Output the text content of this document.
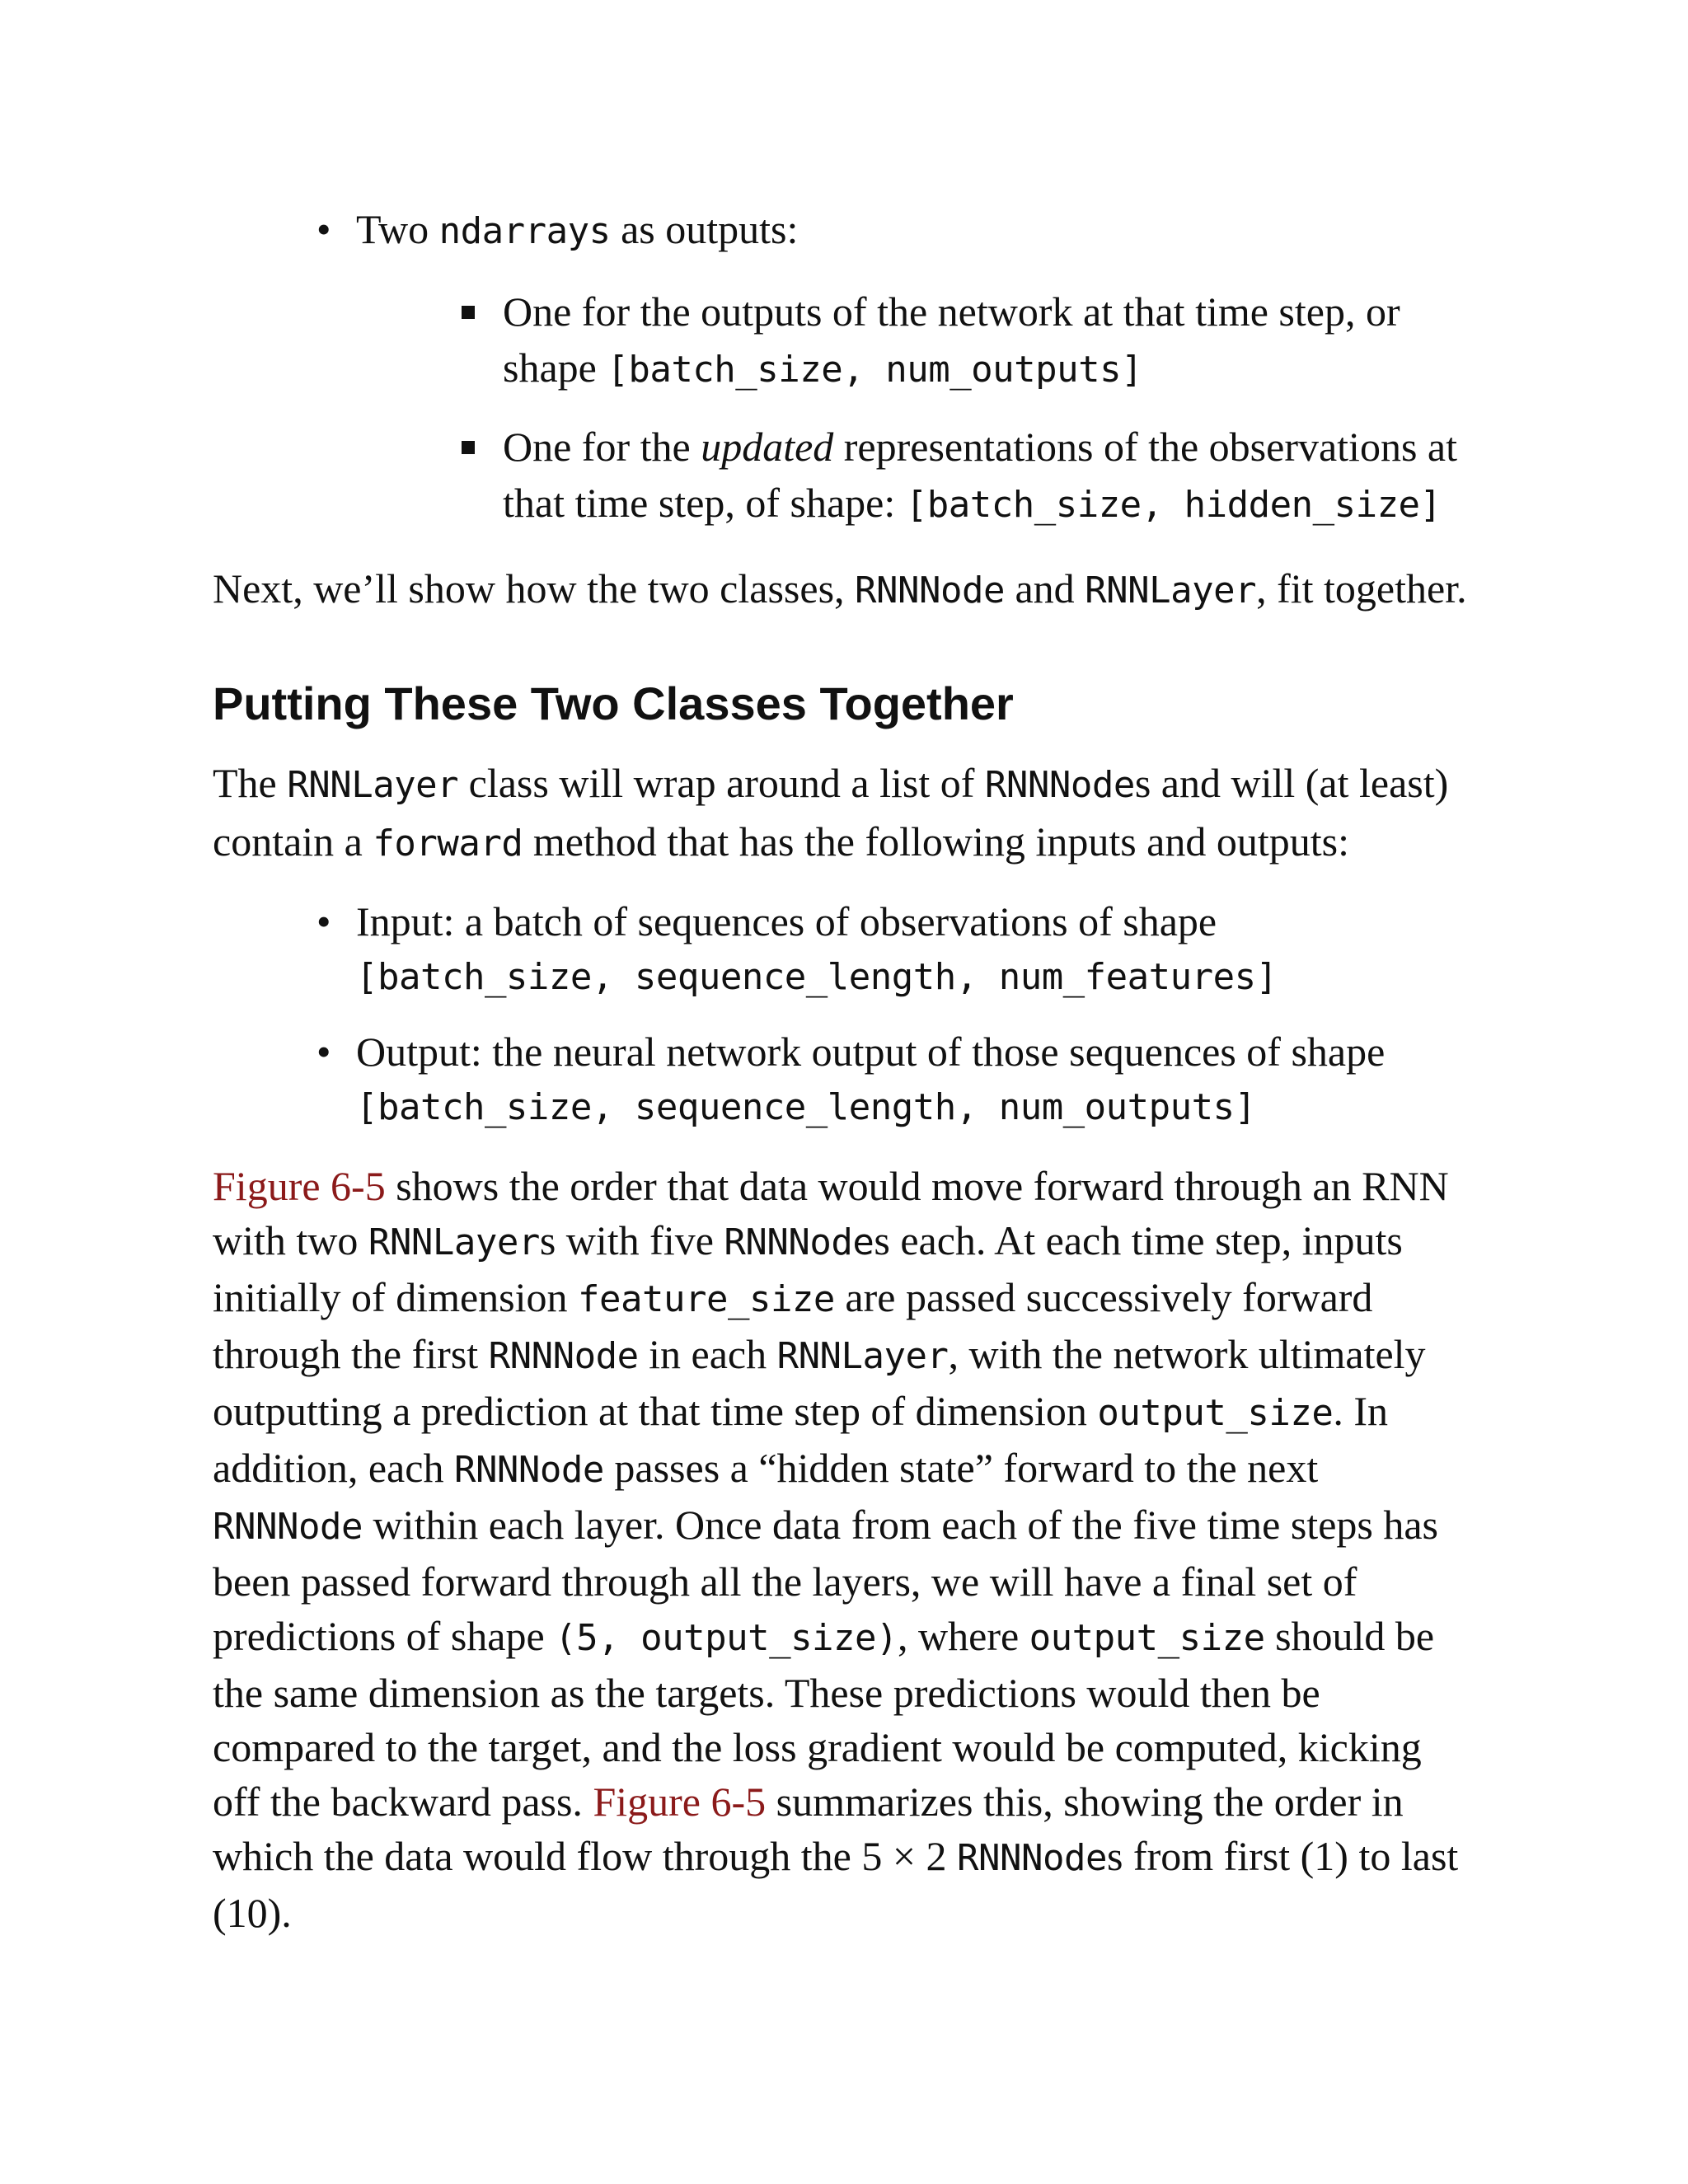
• Two ndarrays as outputs:
One for the outputs of the network at that time step, or shape [batch_size, num_outputs]
One for the updated representations of the observations at that time step, of shape: [batch_size, hidden_size]
Next, we’ll show how the two classes, RNNNode and RNNLayer, fit together.
Putting These Two Classes Together
The RNNLayer class will wrap around a list of RNNNodes and will (at least) contain a forward method that has the following inputs and outputs:
• Input: a batch of sequences of observations of shape
[batch_size, sequence_length, num_features]
• Output: the neural network output of those sequences of shape
[batch_size, sequence_length, num_outputs]
Figure 6-5 shows the order that data would move forward through an RNN with two RNNLayers with five RNNNodes each. At each time step, inputs initially of dimension feature_size are passed successively forward through the first RNNNode in each RNNLayer, with the network ultimately outputting a prediction at that time step of dimension output_size. In addition, each RNNNode passes a “hidden state” forward to the next RNNNode within each layer. Once data from each of the five time steps has been passed forward through all the layers, we will have a final set of predictions of shape (5, output_size), where output_size should be the same dimension as the targets. These predictions would then be compared to the target, and the loss gradient would be computed, kicking off the backward pass. Figure 6-5 summarizes this, showing the order in which the data would flow through the 5 × 2 RNNNodes from first (1) to last (10).
